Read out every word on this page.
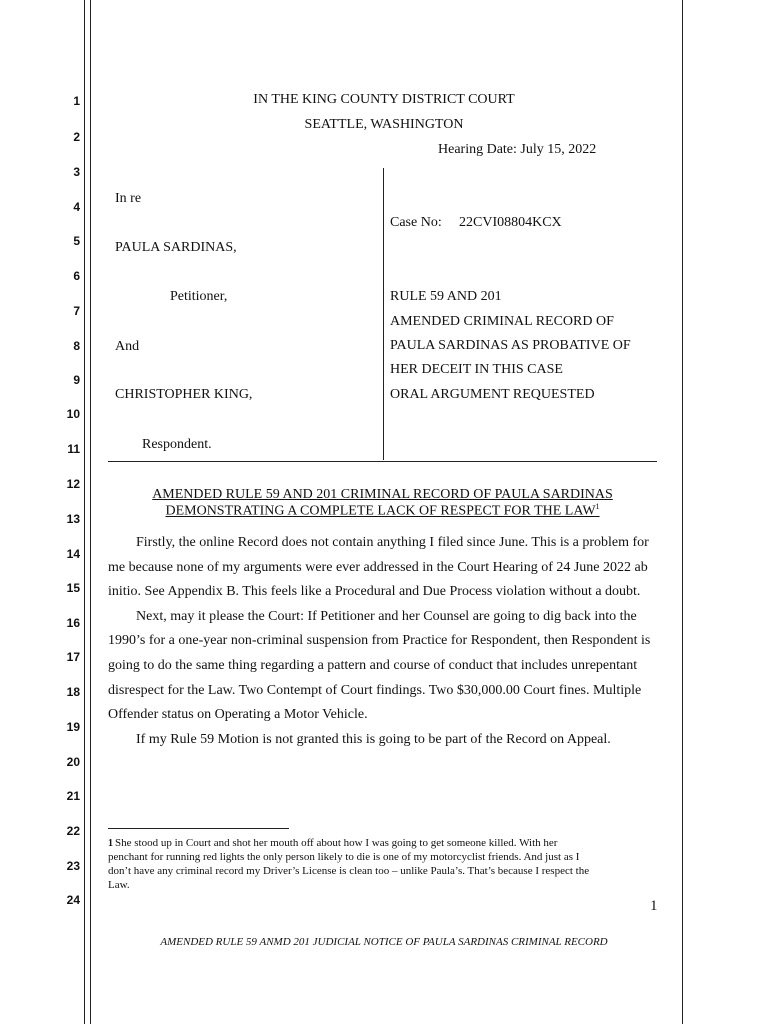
1
2
3
4
5
6
7
8
9
10
11
12
13
14
15
16
17
18
19
20
21
22
23
24
IN THE KING COUNTY DISTRICT COURT
SEATTLE, WASHINGTON
Hearing Date: July 15, 2022
In re
PAULA SARDINAS,
Petitioner,
And
CHRISTOPHER KING,
Respondent.
Case No: 22CVI08804KCX
RULE 59 AND 201
AMENDED CRIMINAL RECORD OF
PAULA SARDINAS AS PROBATIVE OF
HER DECEIT IN THIS CASE
ORAL ARGUMENT REQUESTED
AMENDED RULE 59 AND 201 CRIMINAL RECORD OF PAULA SARDINAS
DEMONSTRATING A COMPLETE LACK OF RESPECT FOR THE LAW$^1$
Firstly, the online Record does not contain anything I filed since June. This is a problem for
me because none of my arguments were ever addressed in the Court Hearing of 24 June 2022 ab
initio. See Appendix B. This feels like a Procedural and Due Process violation without a doubt.
Next, may it please the Court: If Petitioner and her Counsel are going to dig back into the
1990’s for a one-year non-criminal suspension from Practice for Respondent, then Respondent is
going to do the same thing regarding a pattern and course of conduct that includes unrepentant
disrespect for the Law. Two Contempt of Court findings. Two $30,000.00 Court fines. Multiple
Offender status on Operating a Motor Vehicle.
If my Rule 59 Motion is not granted this is going to be part of the Record on Appeal.
1 She stood up in Court and shot her mouth off about how I was going to get someone killed. With her
penchant for running red lights the only person likely to die is one of my motorcyclist friends. And just as I
don’t have any criminal record my Driver’s License is clean too – unlike Paula’s. That’s because I respect the
Law.
1
AMENDED RULE 59 ANMD 201 JUDICIAL NOTICE OF PAULA SARDINAS CRIMINAL RECORD
